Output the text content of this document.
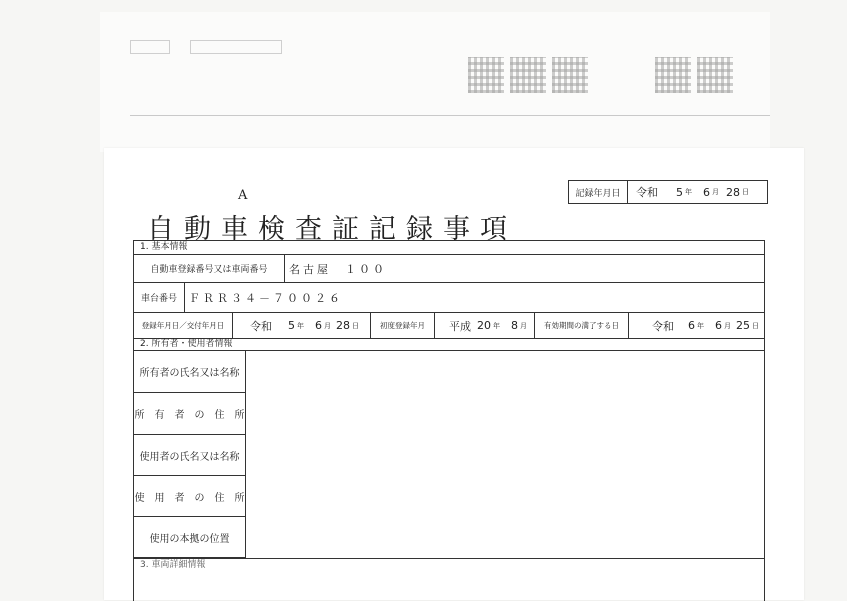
A
自動車検査証記録事項
記録年月日	令和 5 年 6 月 28 日
1. 基本情報
自動車登録番号又は車両番号	名古屋　１００
車台番号	ＦＲＲ３４－７００２６
登録年月日／交付年月日	令和 5 年 6 月 28 日	初度登録年月	平成 20 年 8 月	有効期間の満了する日	令和 6 年 6 月 25 日
2. 所有者・使用者情報
所有者の氏名又は名称
所　有　者　の　住　所
使用者の氏名又は名称
使　用　者　の　住　所
使用の本拠の位置
3. 車両詳細情報
